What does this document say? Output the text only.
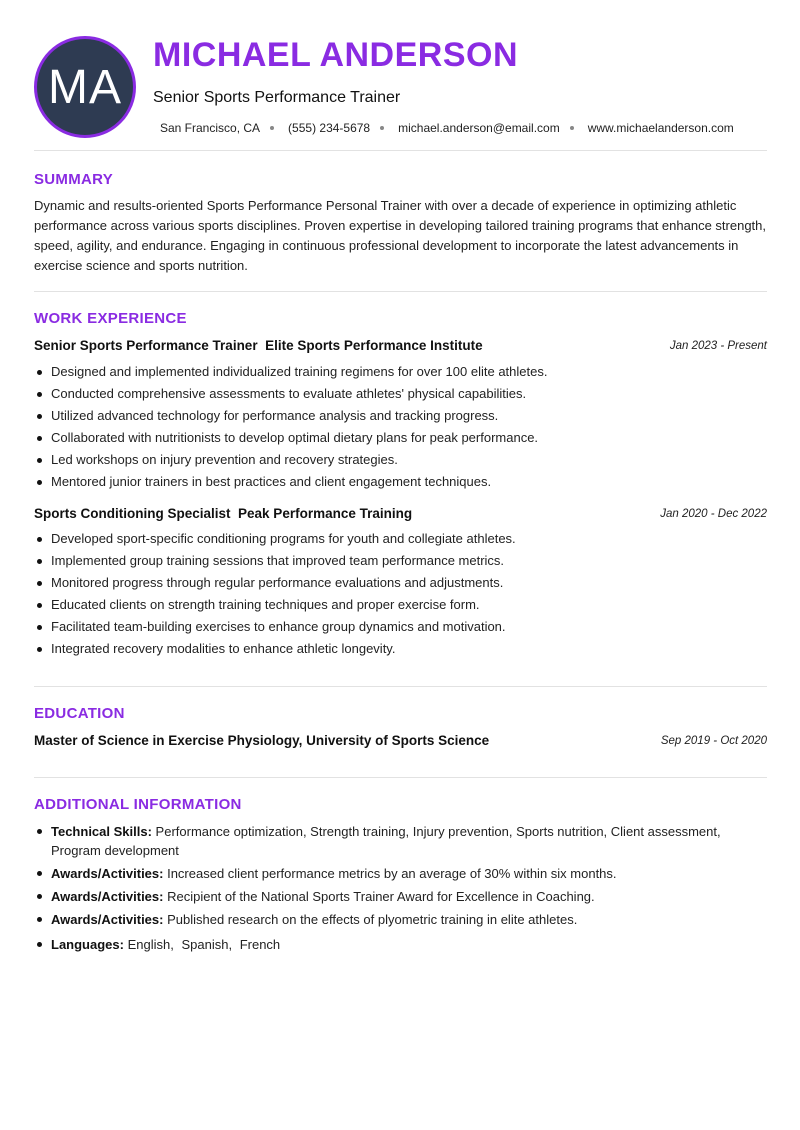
MA
MICHAEL ANDERSON
Senior Sports Performance Trainer
San Francisco, CA (555) 234-5678 michael.anderson@email.com www.michaelanderson.com
SUMMARY

Dynamic and results-oriented Sports Performance Personal Trainer with over a decade of experience in optimizing athletic performance across various sports disciplines. Proven expertise in developing tailored training programs that enhance strength, speed, agility, and endurance. Engaging in continuous professional development to incorporate the latest advancements in exercise science and sports nutrition.

WORK EXPERIENCE
Senior Sports Performance Trainer Elite Sports Performance Institute	Jan 2023 - Present
Designed and implemented individualized training regimens for over 100 elite athletes.
Conducted comprehensive assessments to evaluate athletes' physical capabilities.
Utilized advanced technology for performance analysis and tracking progress.
Collaborated with nutritionists to develop optimal dietary plans for peak performance.
Led workshops on injury prevention and recovery strategies.
Mentored junior trainers in best practices and client engagement techniques.
Sports Conditioning Specialist Peak Performance Training	Jan 2020 - Dec 2022
Developed sport-specific conditioning programs for youth and collegiate athletes.
Implemented group training sessions that improved team performance metrics.
Monitored progress through regular performance evaluations and adjustments.
Educated clients on strength training techniques and proper exercise form.
Facilitated team-building exercises to enhance group dynamics and motivation.
Integrated recovery modalities to enhance athletic longevity.
EDUCATION
Master of Science in Exercise Physiology, University of Sports Science	Sep 2019 - Oct 2020
ADDITIONAL INFORMATION
Technical Skills: Performance optimization, Strength training, Injury prevention, Sports nutrition, Client assessment, Program development
Awards/Activities: Increased client performance metrics by an average of 30% within six months.
Awards/Activities: Recipient of the National Sports Trainer Award for Excellence in Coaching.
Awards/Activities: Published research on the effects of plyometric training in elite athletes.
Languages: English, Spanish, French
